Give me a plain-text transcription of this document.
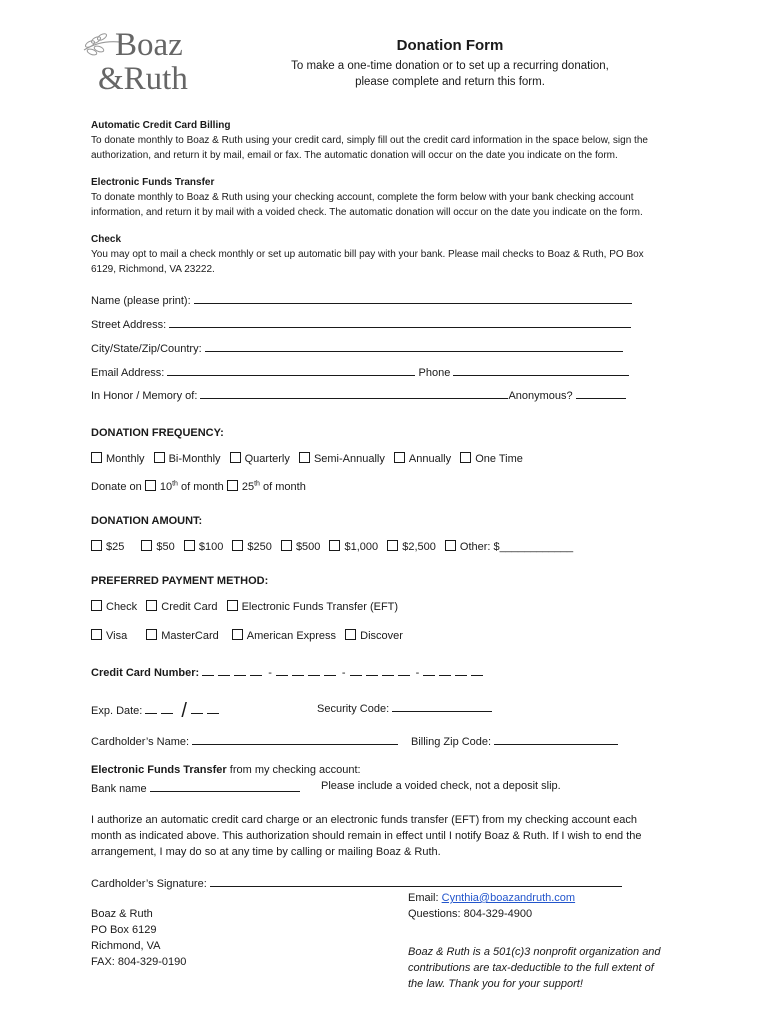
Boaz
&Ruth
Donation Form
To make a one-time donation or to set up a recurring donation,
please complete and return this form.
Automatic Credit Card Billing
To donate monthly to Boaz & Ruth using your credit card, simply fill out the credit card information in the space below, sign the
authorization, and return it by mail, email or fax. The automatic donation will occur on the date you indicate on the form.
Electronic Funds Transfer
To donate monthly to Boaz & Ruth using your checking account, complete the form below with your bank checking account
information, and return it by mail with a voided check. The automatic donation will occur on the date you indicate on the form.
Check
You may opt to mail a check monthly or set up automatic bill pay with your bank. Please mail checks to Boaz & Ruth, PO Box
6129, Richmond, VA 23222.
Name (please print):
Street Address:
City/State/Zip/Country:
Email Address:	Phone
In Honor / Memory of:	Anonymous?
DONATION FREQUENCY:
Monthly Bi-Monthly Quarterly Semi-Annually Annually One Time
Donate on 10th of month 25th of month
DONATION AMOUNT:
$25	$50 $100 $250 $500 $1,000 $2,500 Other: $____________
PREFERRED PAYMENT METHOD:
Check Credit Card Electronic Funds Transfer (EFT)
Visa	MasterCard	American Express Discover
Credit Card Number:	-	-	-
Exp. Date: /	Security Code:
Cardholder’s Name:	Billing Zip Code:
Electronic Funds Transfer from my checking account:
Bank name	Please include a voided check, not a deposit slip.
I authorize an automatic credit card charge or an electronic funds transfer (EFT) from my checking account each
month as indicated above. This authorization should remain in effect until I notify Boaz & Ruth. If I wish to end the
arrangement, I may do so at any time by calling or mailing Boaz & Ruth.
Cardholder’s Signature:
Boaz & Ruth
PO Box 6129
Richmond, VA
FAX: 804-329-0190
Email: Cynthia@boazandruth.com
Questions: 804-329-4900
Boaz & Ruth is a 501(c)3 nonprofit organization and
contributions are tax-deductible to the full extent of
the law. Thank you for your support!
